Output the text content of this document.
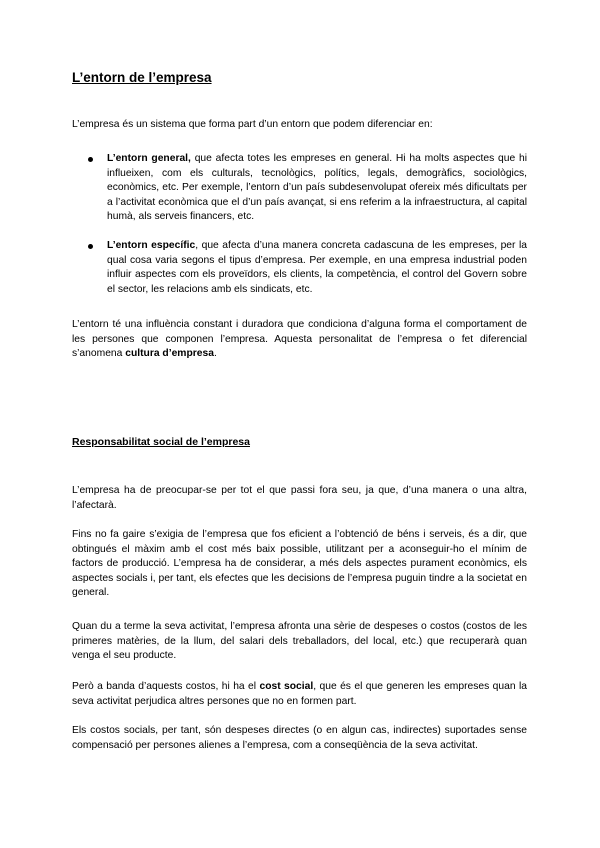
L’entorn de l’empresa

L’empresa és un sistema que forma part d’un entorn que podem diferenciar en:

L’entorn general, que afecta totes les empreses en general. Hi ha molts aspectes que hi influeixen, com els culturals, tecnològics, polítics, legals, demogràfics, sociològics, econòmics, etc. Per exemple, l’entorn d’un país subdesenvolupat ofereix més dificultats per a l’activitat econòmica que el d’un país avançat, si ens referim a la infraestructura, al capital humà, als serveis financers, etc.
L’entorn específic, que afecta d’una manera concreta cadascuna de les empreses, per la qual cosa varia segons el tipus d’empresa. Per exemple, en una empresa industrial poden influir aspectes com els proveïdors, els clients, la competència, el control del Govern sobre el sector, les relacions amb els sindicats, etc.

L’entorn té una influència constant i duradora que condiciona d’alguna forma el comportament de les persones que componen l’empresa. Aquesta personalitat de l’empresa o fet diferencial s’anomena cultura d’empresa.

Responsabilitat social de l’empresa

L’empresa ha de preocupar-se per tot el que passi fora seu, ja que, d’una manera o una altra, l’afectarà.

Fins no fa gaire s’exigia de l’empresa que fos eficient a l’obtenció de béns i serveis, és a dir, que obtingués el màxim amb el cost més baix possible, utilitzant per a aconseguir-ho el mínim de factors de producció. L’empresa ha de considerar, a més dels aspectes purament econòmics, els aspectes socials i, per tant, els efectes que les decisions de l’empresa puguin tindre a la societat en general.

Quan du a terme la seva activitat, l’empresa afronta una sèrie de despeses o costos (costos de les primeres matèries, de la llum, del salari dels treballadors, del local, etc.) que recuperarà quan venga el seu producte.

Però a banda d’aquests costos, hi ha el cost social, que és el que generen les empreses quan la seva activitat perjudica altres persones que no en formen part.

Els costos socials, per tant, són despeses directes (o en algun cas, indirectes) suportades sense compensació per persones alienes a l’empresa, com a conseqüència de la seva activitat.
